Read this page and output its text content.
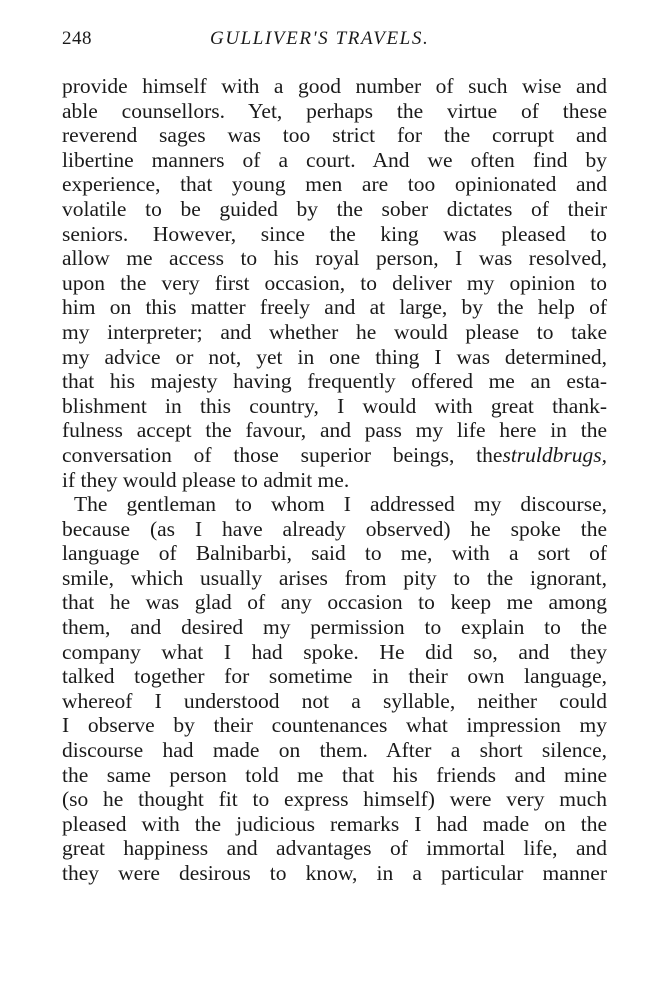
248	GULLIVER'S TRAVELS.
provide himself with a good number of such wise and
able counsellors. Yet, perhaps the virtue of these
reverend sages was too strict for the corrupt and
libertine manners of a court. And we often find by
experience, that young men are too opinionated and
volatile to be guided by the sober dictates of their
seniors. However, since the king was pleased to
allow me access to his royal person, I was resolved,
upon the very first occasion, to deliver my opinion to
him on this matter freely and at large, by the help of
my interpreter; and whether he would please to take
my advice or not, yet in one thing I was determined,
that his majesty having frequently offered me an esta-
blishment in this country, I would with great thank-
fulness accept the favour, and pass my life here in the
conversation of those superior beings, thestruldbrugs,
if they would please to admit me.
The gentleman to whom I addressed my discourse,
because (as I have already observed) he spoke the
language of Balnibarbi, said to me, with a sort of
smile, which usually arises from pity to the ignorant,
that he was glad of any occasion to keep me among
them, and desired my permission to explain to the
company what I had spoke. He did so, and they
talked together for sometime in their own language,
whereof I understood not a syllable, neither could
I observe by their countenances what impression my
discourse had made on them. After a short silence,
the same person told me that his friends and mine
(so he thought fit to express himself) were very much
pleased with the judicious remarks I had made on the
great happiness and advantages of immortal life, and
they were desirous to know, in a particular manner
